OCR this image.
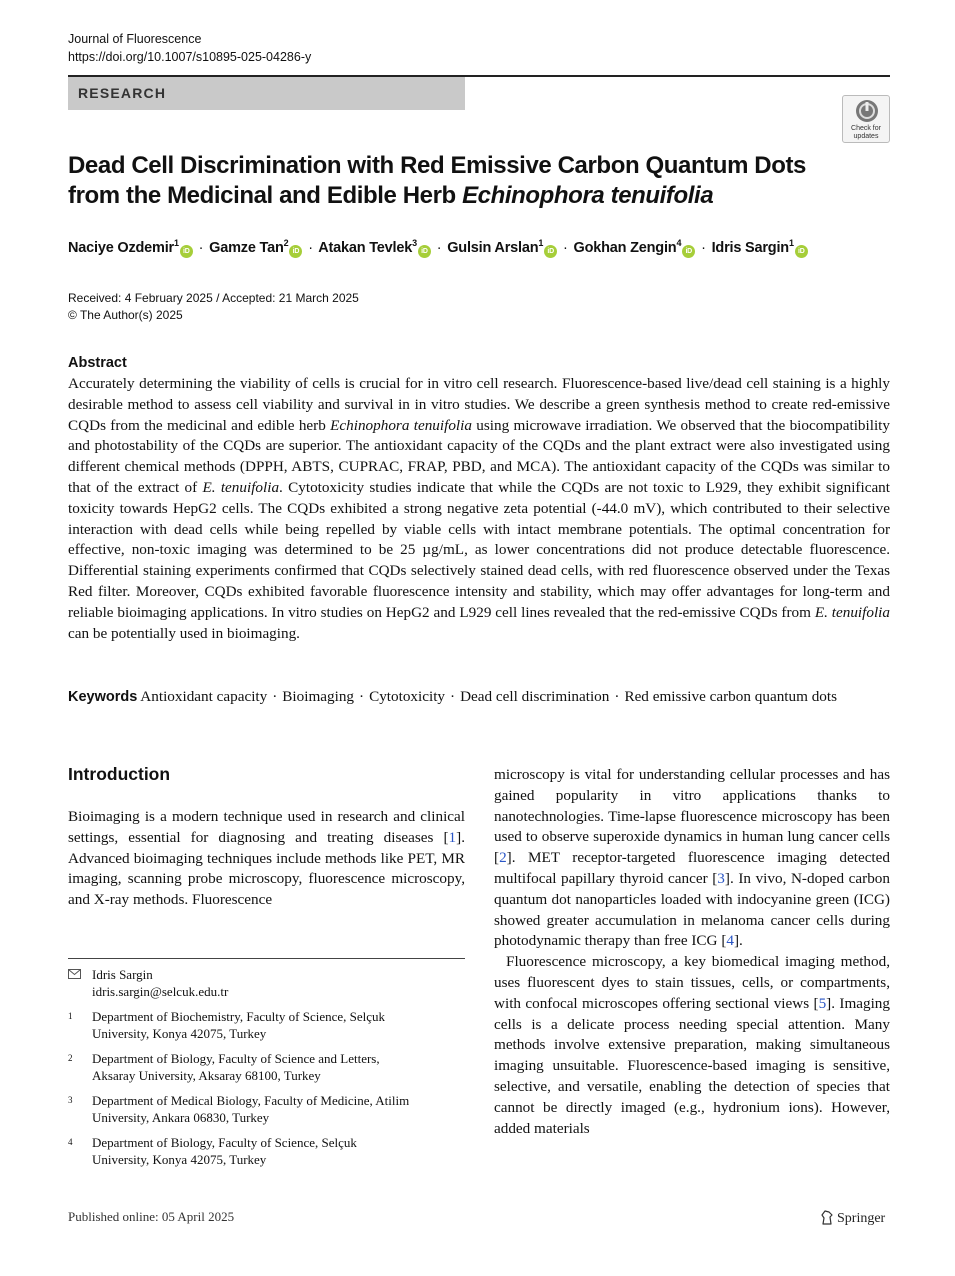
Journal of Fluorescence
https://doi.org/10.1007/s10895-025-04286-y
RESEARCH
Check for
updates
Dead Cell Discrimination with Red Emissive Carbon Quantum Dots
from the Medicinal and Edible Herb Echinophora tenuifolia
Naciye Ozdemir$^1$iD · Gamze Tan$^2$iD · Atakan Tevlek$^3$iD · Gulsin Arslan$^1$iD · Gokhan Zengin$^4$iD · Idris Sargin$^1$iD
Received: 4 February 2025 / Accepted: 21 March 2025
© The Author(s) 2025
Abstract
Accurately determining the viability of cells is crucial for in vitro cell research. Fluorescence-based live/dead cell staining is a highly desirable method to assess cell viability and survival in in vitro studies. We describe a green synthesis method to create red-emissive CQDs from the medicinal and edible herb Echinophora tenuifolia using microwave irradiation. We observed that the biocompatibility and photostability of the CQDs are superior. The antioxidant capacity of the CQDs and the plant extract were also investigated using different chemical methods (DPPH, ABTS, CUPRAC, FRAP, PBD, and MCA). The antioxidant capacity of the CQDs was similar to that of the extract of E. tenuifolia. Cytotoxicity studies indicate that while the CQDs are not toxic to L929, they exhibit significant toxicity towards HepG2 cells. The CQDs exhibited a strong negative zeta potential (-44.0 mV), which contributed to their selective interaction with dead cells while being repelled by viable cells with intact membrane potentials. The optimal concentration for effective, non-toxic imaging was determined to be 25 µg/mL, as lower concentrations did not produce detectable fluorescence. Differential staining experiments confirmed that CQDs selectively stained dead cells, with red fluorescence observed under the Texas Red filter. Moreover, CQDs exhibited favorable fluorescence intensity and stability, which may offer advantages for long-term and reliable bioimaging applications. In vitro studies on HepG2 and L929 cell lines revealed that the red-emissive CQDs from E. tenuifolia can be potentially used in bioimaging.
Keywords Antioxidant capacity · Bioimaging · Cytotoxicity · Dead cell discrimination · Red emissive carbon quantum dots
Introduction
Bioimaging is a modern technique used in research and clinical settings, essential for diagnosing and treating diseases [1]. Advanced bioimaging techniques include methods like PET, MR imaging, scanning probe microscopy, fluorescence microscopy, and X-ray methods. Fluorescence

microscopy is vital for understanding cellular processes and has gained popularity in vitro applications thanks to nanotechnologies. Time-lapse fluorescence microscopy has been used to observe superoxide dynamics in human lung cancer cells [2]. MET receptor-targeted fluorescence imaging detected multifocal papillary thyroid cancer [3]. In vivo, N-doped carbon quantum dot nanoparticles loaded with indocyanine green (ICG) showed greater accumulation in melanoma cancer cells during photodynamic therapy than free ICG [4].

Fluorescence microscopy, a key biomedical imaging method, uses fluorescent dyes to stain tissues, cells, or compartments, with confocal microscopes offering sectional views [5]. Imaging cells is a delicate process needing special attention. Many methods involve extensive preparation, making simultaneous imaging unsuitable. Fluorescence-based imaging is sensitive, selective, and versatile, enabling the detection of species that cannot be directly imaged (e.g., hydronium ions). However, added materials

Idris Sargin
idris.sargin@selcuk.edu.tr
1 Department of Biochemistry, Faculty of Science, Selçuk
University, Konya 42075, Turkey
2 Department of Biology, Faculty of Science and Letters,
Aksaray University, Aksaray 68100, Turkey
3 Department of Medical Biology, Faculty of Medicine, Atilim
University, Ankara 06830, Turkey
4 Department of Biology, Faculty of Science, Selçuk
University, Konya 42075, Turkey
Published online: 05 April 2025	Springer
